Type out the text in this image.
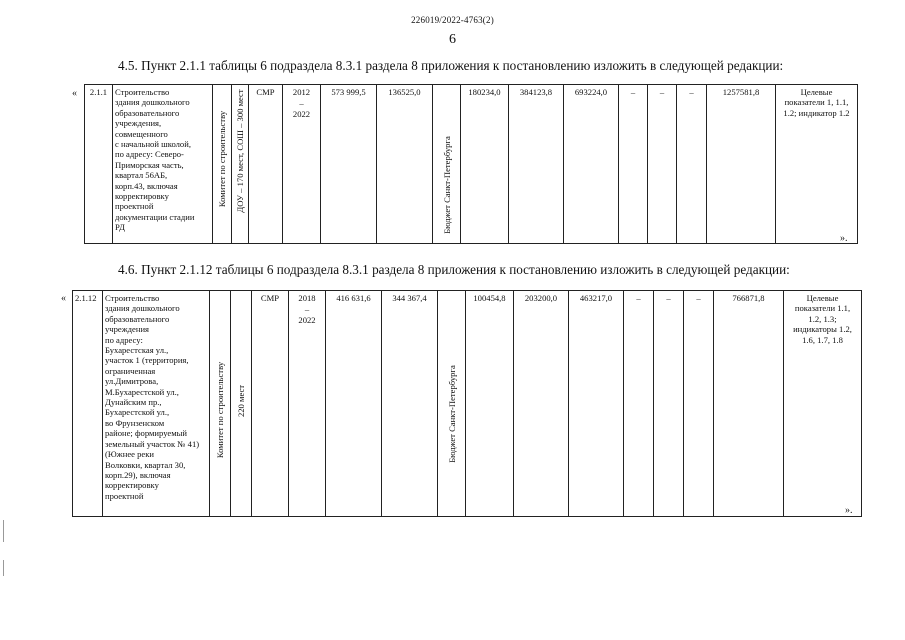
226019/2022-4763(2)
6
4.5. Пункт 2.1.1 таблицы 6 подраздела 8.3.1 раздела 8 приложения к постановлению изложить в следующей редакции:
« 2.1.1	Строительство
здания дошкольного
образовательного
учреждения,
совмещенного
с начальной школой,
по адресу: Северо-
Приморская часть,
квартал 56АБ,
корп.43, включая
корректировку
проектной
документации стадии
РД	
Комитет по строительству	ДОУ – 170 мест, СОШ – 300 мест	СМР	2012
–
2022
	573 999,5	136525,0	
Бюджет Санкт-Петербурга
	180234,0	384123,8	693224,0	–	–	–	1257581,8	Целевые
показатели 1, 1.1,
1.2; индикатор 1.2
».
4.6. Пункт 2.1.12 таблицы 6 подраздела 8.3.1 раздела 8 приложения к постановлению изложить в следующей редакции:
« 2.1.12	Строительство
здания дошкольного
образовательного
учреждения
по адресу:
Бухарестская ул.,
участок 1 (территория,
ограниченная
ул.Димитрова,
М.Бухарестской ул.,
Дунайским пр.,
Бухарестской ул.,
во Фрунзенском
районе; формируемый
земельный участок № 41)
(Южнее реки
Волковки, квартал 30,
корп.29), включая
корректировку
проектной	
Комитет по строительству	220 мест
	СМР	2018
–
2022
	416 631,6	344 367,4	
Бюджет Санкт-Петербурга
	100454,8	203200,0	463217,0	–	–	–	766871,8	Целевые
показатели 1.1,
1.2, 1.3;
индикаторы 1.2,
1.6, 1.7, 1.8
».
